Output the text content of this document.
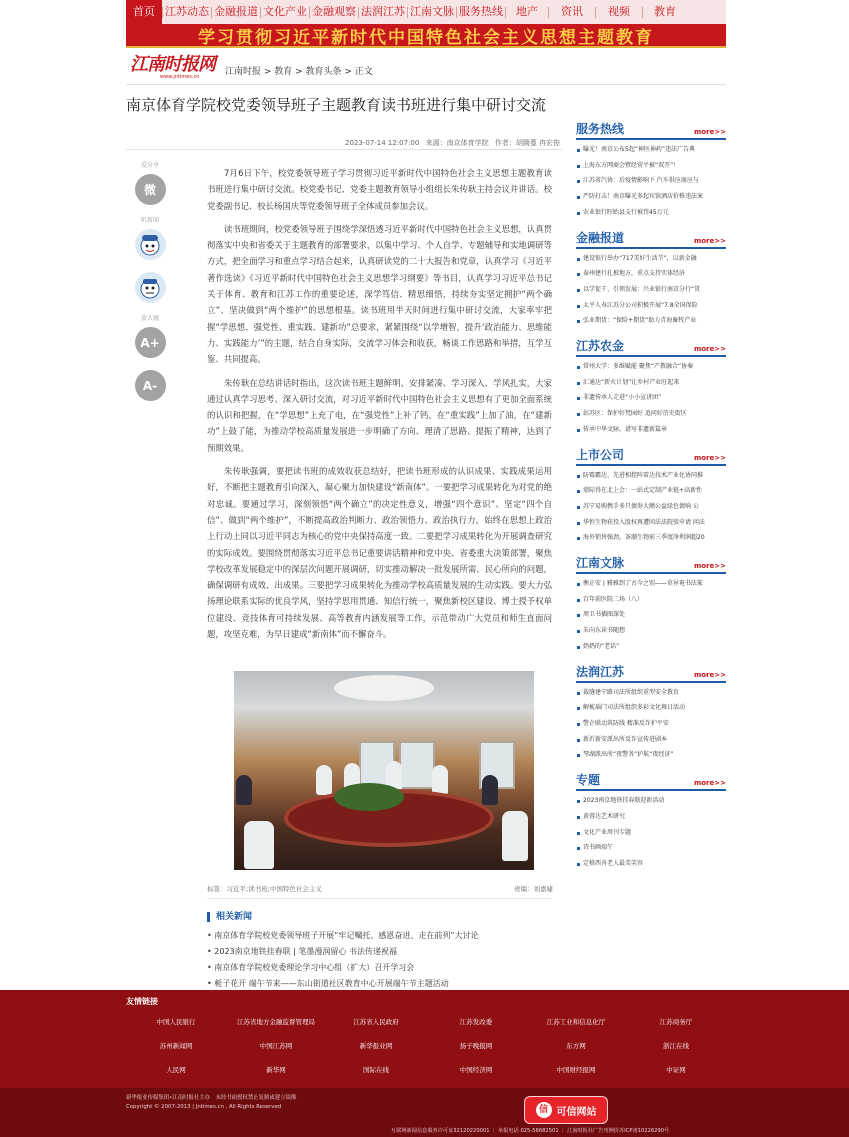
首页 江苏动态 金融报道 文化产业 金融观察 法润江苏 江南文脉 服务热线	地产	资讯	视频	教育
学习贯彻习近平新时代中国特色社会主义思想主题教育
江南时报网
www.jntimes.cn	江南时报 > 教育 > 教育头条 > 正文
南京体育学院校党委领导班子主题教育读书班进行集中研讨交流
2023-07-14 12:07:00 来源：南京体育学院 作者：胡腾蔓 冉宏俊
爱分享
微
听新闻
放大镜
A+
A-

7月6日下午，校党委领导班子学习贯彻习近平新时代中国特色社会主义思想主题教育读书班进行集中研讨交流。校党委书记、党委主题教育领导小组组长朱传耿主持会议并讲话。校党委副书记、校长杨国庆等党委领导班子全体成员参加会议。

读书班期间，校党委领导班子围绕学深悟透习近平新时代中国特色社会主义思想，认真贯彻落实中央和省委关于主题教育的部署要求，以集中学习、个人自学、专题辅导和实地调研等方式，把全面学习和重点学习结合起来，认真研读党的二十大报告和党章，认真学习《习近平著作选读》《习近平新时代中国特色社会主义思想学习纲要》等书目，认真学习习近平总书记关于体育、教育和江苏工作的重要论述，深学笃信、精思细悟，持续夯实坚定拥护“两个确立”、坚决做到“两个维护”的思想根基。读书班用半天时间进行集中研讨交流，大家率牢把握“学思想、强党性、重实践、建新功”总要求，紧紧围绕“以学增智，提升‘政治能力、思维能力、实践能力’”的主题，结合自身实际，交流学习体会和收获，畅谈工作思路和举措，互学互鉴、共同提高。

朱传耿在总结讲话时指出，这次读书班主题鲜明、安排紧凑、学习深入、学风扎实，大家通过认真学习思考、深入研讨交流，对习近平新时代中国特色社会主义思想有了更加全面系统的认识和把握，在“学思想”上充了电，在“强党性”上补了钙，在“重实践”上加了油，在“建新功”上鼓了能，为推动学校高质量发展进一步明确了方向、理清了思路、提振了精神，达到了预期效果。

朱传耿强调，要把读书班的成效收获总结好，把读书班形成的认识成果、实践成果运用好，不断把主题教育引向深入，凝心聚力加快建设“新南体”。一要把学习成果转化为对党的绝对忠诚。要通过学习，深刻领悟“两个确立”的决定性意义，增强“四个意识”、坚定“四个自信”、做到“两个维护”，不断提高政治判断力、政治领悟力、政治执行力，始终在思想上政治上行动上同以习近平同志为核心的党中央保持高度一致。二要把学习成果转化为开展调查研究的实际成效。要围绕贯彻落实习近平总书记重要讲话精神和党中央、省委重大决策部署，聚焦学校改革发展稳定中的深层次问题开展调研，切实推动解决一批发展所需、民心所向的问题，确保调研有成效、出成果。三要把学习成果转化为推动学校高质量发展的生动实践。要大力弘扬理论联系实际的优良学风，坚持学思用贯通、知信行统一，聚焦新校区建设、博士授予权单位建设、竞技体育可持续发展、高等教育内涵发展等工作，示范带动广大党员和师生直面问题，攻坚克难，为早日建成“新南体”而不懈奋斗。

标签：习近平;读书班;中国特色社会主义	责编：刘嘉婕
相关新闻
• 南京体育学院校党委领导班子开展“牢记嘱托、感恩奋进、走在前列”大讨论
• 2023南京地铁挂春联 | 笔墨漫润留心 书法传递祝福
• 南京体育学院校党委理论学习中心组（扩大）召开学习会
• 栀子花开 端午节来——东山街道社区教育中心开展端午节主题活动
服务热线	more>>
曝光！南京公布5起“神医神药”违法广告典
上海东方网商会暨经营平被“双开”！
江苏省汽协：后疫情影响下 汽车供应商应与
严防打击！南京曝光多起宾馆酒店价格违法案
农业银行盱眙县支行被罚45万元
金融报道	more>>
建设银行举办“717美好生活节”，以新金融
泰州建行扎根地方，重点支持实体经济
以学促干、引领发展：兴业银行南京分行“贯
太平人寿江苏分公司积极开展“7.8全国保险
弘业期货：“保险+期货”助力青海畜牧产业
江苏农金	more>>
常州大学：多维赋能 聚焦“产教融合”协奏
汇通达“新火计划”让乡村产业旺起来
非遗传承人走进“小小宣讲团”
站苏区：保护好梵园好 追问好历史街区
传承中华文脉，谱写非遗新篇章
上市公司	more>>
防霉霸达、先进相控阵雷达技术产业化协同推
鼎际得在北上会：一站式定制产业链+高新性
苏宁易购携手多只债券大额公益绿色债响 公
华恒生物获投入股权再遭问法法院驳申请 问法
海外销售强劲，茶潮生物前三季度净利润超20
江南文脉	more>>
衡正安 | 雅雅到了古今之别——莫异奄书法篆
百年前医院二场（八）
周卫书插图深处
朱向东读书随想
奶奶的“老话”
法润江苏	more>>
裁缝建宁路司法所组织重型安全教育
解梳瑙门司法所组织多彩文化舞日活动
警企联动筑防线 精准反诈护平安
新沂新安派出所反诈宣传进剧本
琴湖派出所“夜警务”护航“夜经济”
专题	more>>
2023南京地铁挂春联迎新活动
黄蓉达艺术研究
文化产业周刊专题
诗书画端午
定格西善老人最美笑容
友情链接
中国人民银行	江苏省地方金融监督管理局	江苏省人民政府	江苏发改委	江苏工业和信息化厅	江苏商务厅
苏州新闻网	中国江苏网	新华报业网	扬子晚报网	东方网	浙江在线
人民网	新华网	国际在线	中国经济网	中国财经报网	中证网
新华报业传媒集团•江南时报社主办　未经书面授权禁止复制或建立镜像
Copyright © 2007-2013 | Jntimes.cn , All Rights Reserved	信 可信网站
互联网新闻信息服务许可证32120220001 ｜ 举报电话 025-58682501 ｜ 江南时报社广告刊例价苏ICP备10226290号
